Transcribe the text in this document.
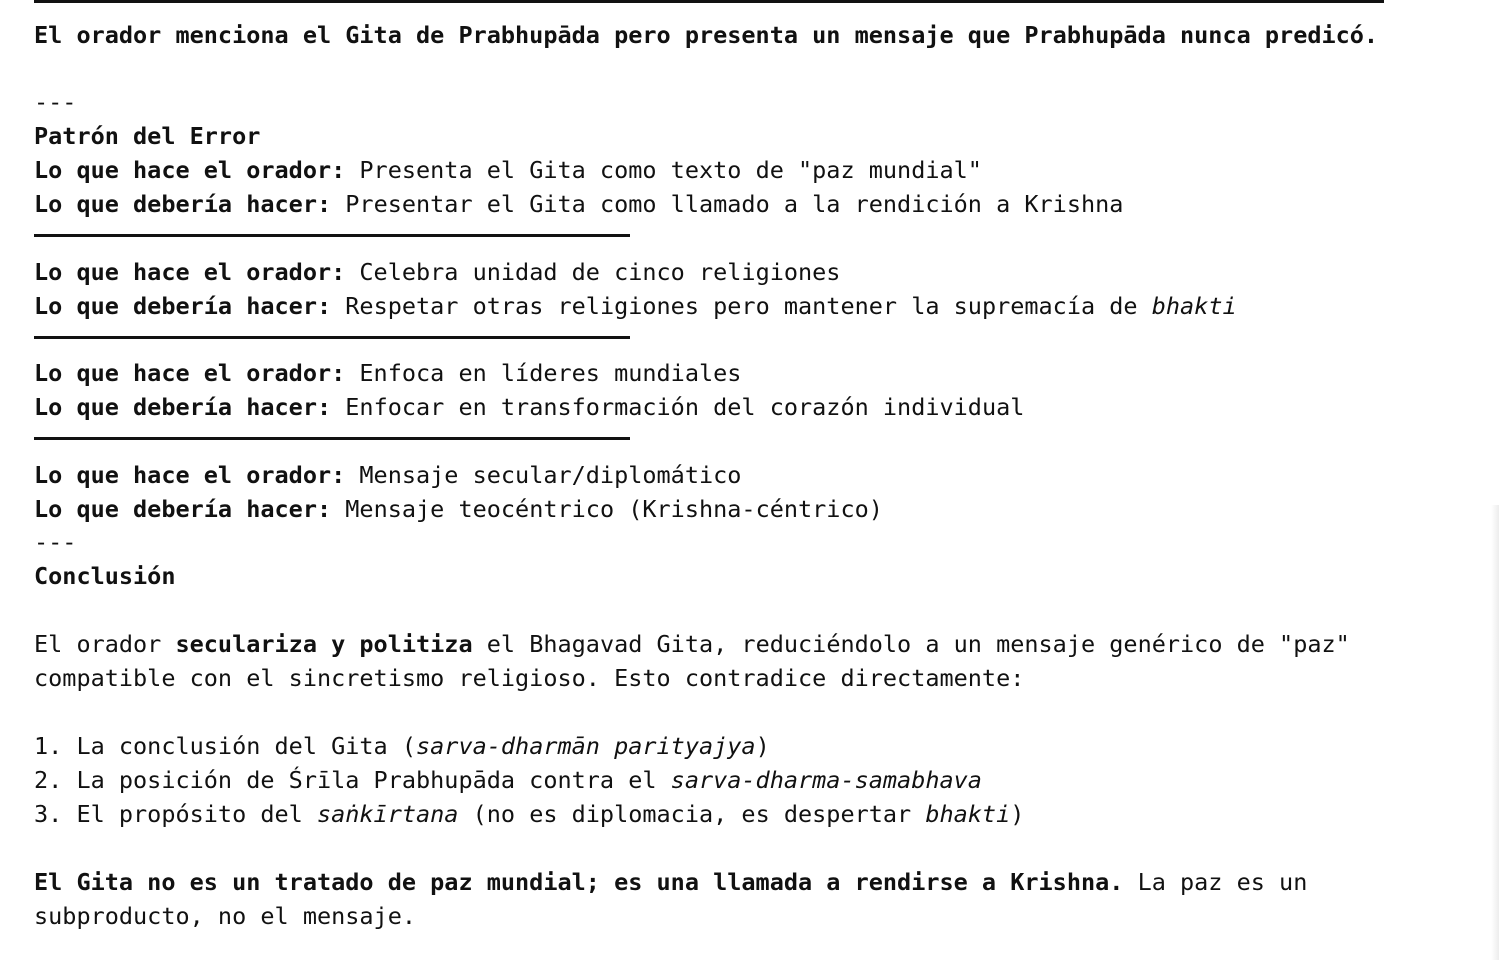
El orador menciona el Gita de Prabhupāda pero presenta un mensaje que Prabhupāda nunca predicó.
---
Patrón del Error
Lo que hace el orador: Presenta el Gita como texto de "paz mundial"
Lo que debería hacer: Presentar el Gita como llamado a la rendición a Krishna
Lo que hace el orador: Celebra unidad de cinco religiones
Lo que debería hacer: Respetar otras religiones pero mantener la supremacía de bhakti
Lo que hace el orador: Enfoca en líderes mundiales
Lo que debería hacer: Enfocar en transformación del corazón individual
Lo que hace el orador: Mensaje secular/diplomático
Lo que debería hacer: Mensaje teocéntrico (Krishna-céntrico)
---
Conclusión
El orador seculariza y politiza el Bhagavad Gita, reduciéndolo a un mensaje genérico de "paz"
compatible con el sincretismo religioso. Esto contradice directamente:
1. La conclusión del Gita (sarva-dharmān parityajya)
2. La posición de Śrīla Prabhupāda contra el sarva-dharma-samabhava
3. El propósito del saṅkīrtana (no es diplomacia, es despertar bhakti)
El Gita no es un tratado de paz mundial; es una llamada a rendirse a Krishna. La paz es un
subproducto, no el mensaje.
